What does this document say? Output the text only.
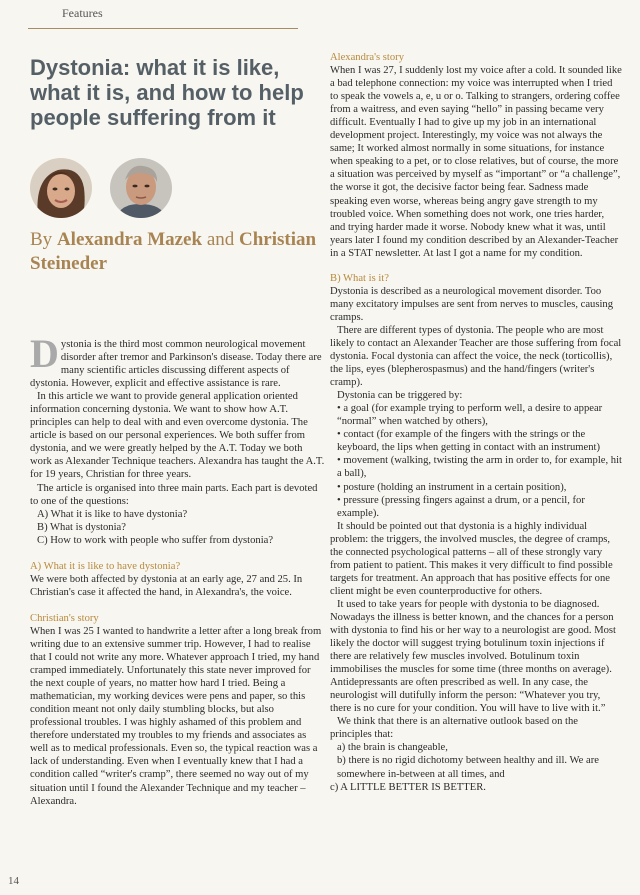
Features
Dystonia: what it is like, what it is, and how to help people suffering from it
By Alexandra Mazek and Christian Steineder

Dystonia is the third most common neurological movement disorder after tremor and Parkinson's disease. Today there are many scientific articles discussing different aspects of dystonia. However, explicit and effective assistance is rare.

In this article we want to provide general application oriented information concerning dystonia. We want to show how A.T. principles can help to deal with and even overcome dystonia. The article is based on our personal experiences. We both suffer from dystonia, and we were greatly helped by the A.T. Today we both work as Alexander Technique teachers. Alexandra has taught the A.T. for 19 years, Christian for three years.

The article is organised into three main parts. Each part is devoted to one of the questions:

A) What it is like to have dystonia?

B) What is dystonia?

C) How to work with people who suffer from dystonia?

A) What it is like to have dystonia?

We were both affected by dystonia at an early age, 27 and 25. In Christian's case it affected the hand, in Alexandra's, the voice.

Christian's story

When I was 25 I wanted to handwrite a letter after a long break from writing due to an extensive summer trip. However, I had to realise that I could not write any more. Whatever approach I tried, my hand cramped immediately. Unfortunately this state never improved for the next couple of years, no matter how hard I tried. Being a mathematician, my working devices were pens and paper, so this condition meant not only daily stumbling blocks, but also professional troubles. I was highly ashamed of this problem and therefore understated my troubles to my friends and associates as well as to medical professionals. Even so, the typical reaction was a lack of understanding. Even when I eventually knew that I had a condition called “writer's cramp”, there seemed no way out of my situation until I found the Alexander Technique and my teacher – Alexandra.

Alexandra's story

When I was 27, I suddenly lost my voice after a cold. It sounded like a bad telephone connection: my voice was interrupted when I tried to speak the vowels a, e, u or o. Talking to strangers, ordering coffee from a waitress, and even saying “hello” in passing became very difficult. Eventually I had to give up my job in an international development project. Interestingly, my voice was not always the same; It worked almost normally in some situations, for instance when speaking to a pet, or to close relatives, but of course, the more a situation was perceived by myself as “important” or “a challenge”, the worse it got, the decisive factor being fear. Sadness made speaking even worse, whereas being angry gave strength to my troubled voice. When something does not work, one tries harder, and trying harder made it worse. Nobody knew what it was, until years later I found my condition described by an Alexander-Teacher in a STAT newsletter. At last I got a name for my condition.

B) What is it?

Dystonia is described as a neurological movement disorder. Too many excitatory impulses are sent from nerves to muscles, causing cramps.

There are different types of dystonia. The people who are most likely to contact an Alexander Teacher are those suffering from focal dystonia. Focal dystonia can affect the voice, the neck (torticollis), the lips, eyes (blepherospasmus) and the hand/fingers (writer's cramp).

Dystonia can be triggered by:

• a goal (for example trying to perform well, a desire to appear “normal” when watched by others),

• contact (for example of the fingers with the strings or the keyboard, the lips when getting in contact with an instrument)

• movement (walking, twisting the arm in order to, for example, hit a ball),

• posture (holding an instrument in a certain position),

• pressure (pressing fingers against a drum, or a pencil, for example).

It should be pointed out that dystonia is a highly individual problem: the triggers, the involved muscles, the degree of cramps, the connected psychological patterns – all of these strongly vary from patient to patient. This makes it very difficult to find possible targets for treatment. An approach that has positive effects for one client might be even counterproductive for others.

It used to take years for people with dystonia to be diagnosed. Nowadays the illness is better known, and the chances for a person with dystonia to find his or her way to a neurologist are good. Most likely the doctor will suggest trying botulinum toxin injections if there are relatively few muscles involved. Botulinum toxin immobilises the muscles for some time (three months on average). Antidepressants are often prescribed as well. In any case, the neurologist will dutifully inform the person: “Whatever you try, there is no cure for your condition. You will have to live with it.”

We think that there is an alternative outlook based on the principles that:

a) the brain is changeable,

b) there is no rigid dichotomy between healthy and ill. We are somewhere in-between at all times, and

c) A LITTLE BETTER IS BETTER.

14
